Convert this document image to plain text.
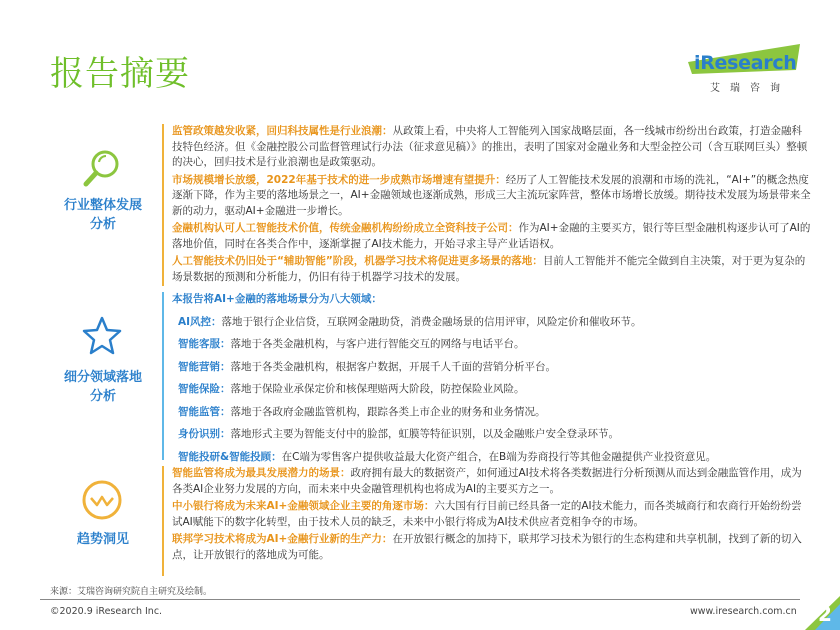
报告摘要	iResearch
艾瑞咨询
行业整体发展
分析

监管政策越发收紧，回归科技属性是行业浪潮：从政策上看，中央将人工智能列入国家战略层面，各一线城市纷纷出台政策，打造金融科技特色经济。但《金融控股公司监督管理试行办法（征求意见稿）》的推出，表明了国家对金融业务和大型金控公司（含互联网巨头）整顿的决心，回归技术是行业浪潮也是政策驱动。

市场规模增长放缓，2022年基于技术的进一步成熟市场增速有望提升：经历了人工智能技术发展的浪潮和市场的洗礼，“AI+”的概念热度逐渐下降，作为主要的落地场景之一，AI+金融领域也逐渐成熟，形成三大主流玩家阵营，整体市场增长放缓。期待技术发展为场景带来全新的动力，驱动AI+金融进一步增长。

金融机构认可人工智能技术价值，传统金融机构纷纷成立全资科技子公司：作为AI+金融的主要买方，银行等巨型金融机构逐步认可了AI的落地价值，同时在各类合作中，逐渐掌握了AI技术能力，开始寻求主导产业话语权。

人工智能技术仍旧处于“辅助智能”阶段，机器学习技术将促进更多场景的落地：目前人工智能并不能完全做到自主决策，对于更为复杂的场景数据的预测和分析能力，仍旧有待于机器学习技术的发展。

细分领域落地
分析

本报告将AI+金融的落地场景分为八大领域：

AI风控：落地于银行企业信贷，互联网金融助贷，消费金融场景的信用评审，风险定价和催收环节。

智能客服：落地于各类金融机构，与客户进行智能交互的网络与电话平台。

智能营销：落地于各类金融机构，根据客户数据，开展千人千面的营销分析平台。

智能保险：落地于保险业承保定价和核保理赔两大阶段，防控保险业风险。

智能监管：落地于各政府金融监管机构，跟踪各类上市企业的财务和业务情况。

身份识别：落地形式主要为智能支付中的脸部，虹膜等特征识别，以及金融账户安全登录环节。

智能投研&智能投顾：在C端为零售客户提供收益最大化资产组合，在B端为券商投行等其他金融提供产业投资意见。

趋势洞见

智能监管将成为最具发展潜力的场景：政府拥有最大的数据资产，如何通过AI技术将各类数据进行分析预测从而达到金融监管作用，成为各类AI企业努力发展的方向，而未来中央金融管理机构也将成为AI的主要买方之一。

中小银行将成为未来AI+金融领域企业主要的角逐市场：六大国有行目前已经具备一定的AI技术能力，而各类城商行和农商行开始纷纷尝试AI赋能下的数字化转型，由于技术人员的缺乏，未来中小银行将成为AI技术供应者竞相争夺的市场。

联邦学习技术将成为AI+金融行业新的生产力：在开放银行概念的加持下，联邦学习技术为银行的生态构建和共享机制，找到了新的切入点，让开放银行的落地成为可能。

来源：艾瑞咨询研究院自主研究及绘制。
©2020.9 iResearch Inc.	www.iresearch.com.cn 2
